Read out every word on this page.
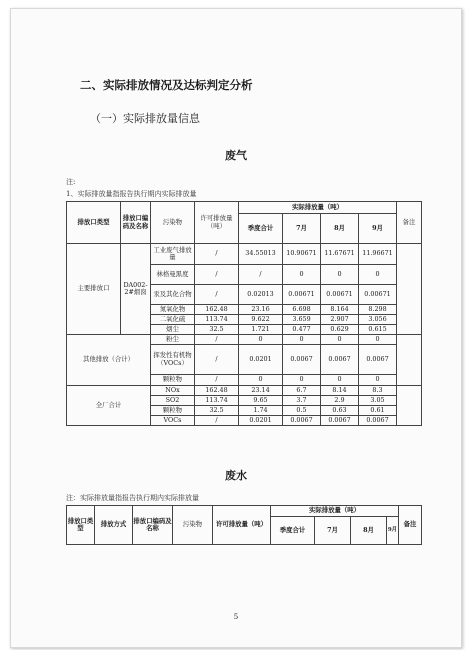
二、实际排放情况及达标判定分析
（一）实际排放量信息
废气
注:
1、实际排放量指报告执行期内实际排放量
排放口类型	排放口编码及名称	污染物	许可排放量（吨）	实际排放量（吨）				备注
				季度合计	7月	8月	9月	
主要排放口	DA002-2#烟囱	工业废气排放量	/	34.55013	10.90671	11.67671	11.96671	
		林格曼黑度	/	/	0	0	0	
		汞及其化合物	/	0.02013	0.00671	0.00671	0.00671	
		氮氧化物	162.48	23.16	6.698	8.164	8.298	
		二氧化硫	113.74	9.622	3.659	2.907	3.056	
		烟尘	32.5	1.721	0.477	0.629	0.615	
其他排放（合计）		粉尘	/	0	0	0	0	
		挥发性有机物（VOCs）	/	0.0201	0.0067	0.0067	0.0067	
		颗粒物	/	0	0	0	0	
全厂合计		NOx	162.48	23.14	6.7	8.14	8.3	
		SO2	113.74	9.65	3.7	2.9	3.05	
		颗粒物	32.5	1.74	0.5	0.63	0.61	
		VOCs	/	0.0201	0.0067	0.0067	0.0067	
废水
注：实际排放量指报告执行期内实际排放量
排放口类型	排放方式	排放口编码及名称	污染物	许可排放量（吨）	实际排放量（吨）				备注
					季度合计	7月	8月	9月	
5
